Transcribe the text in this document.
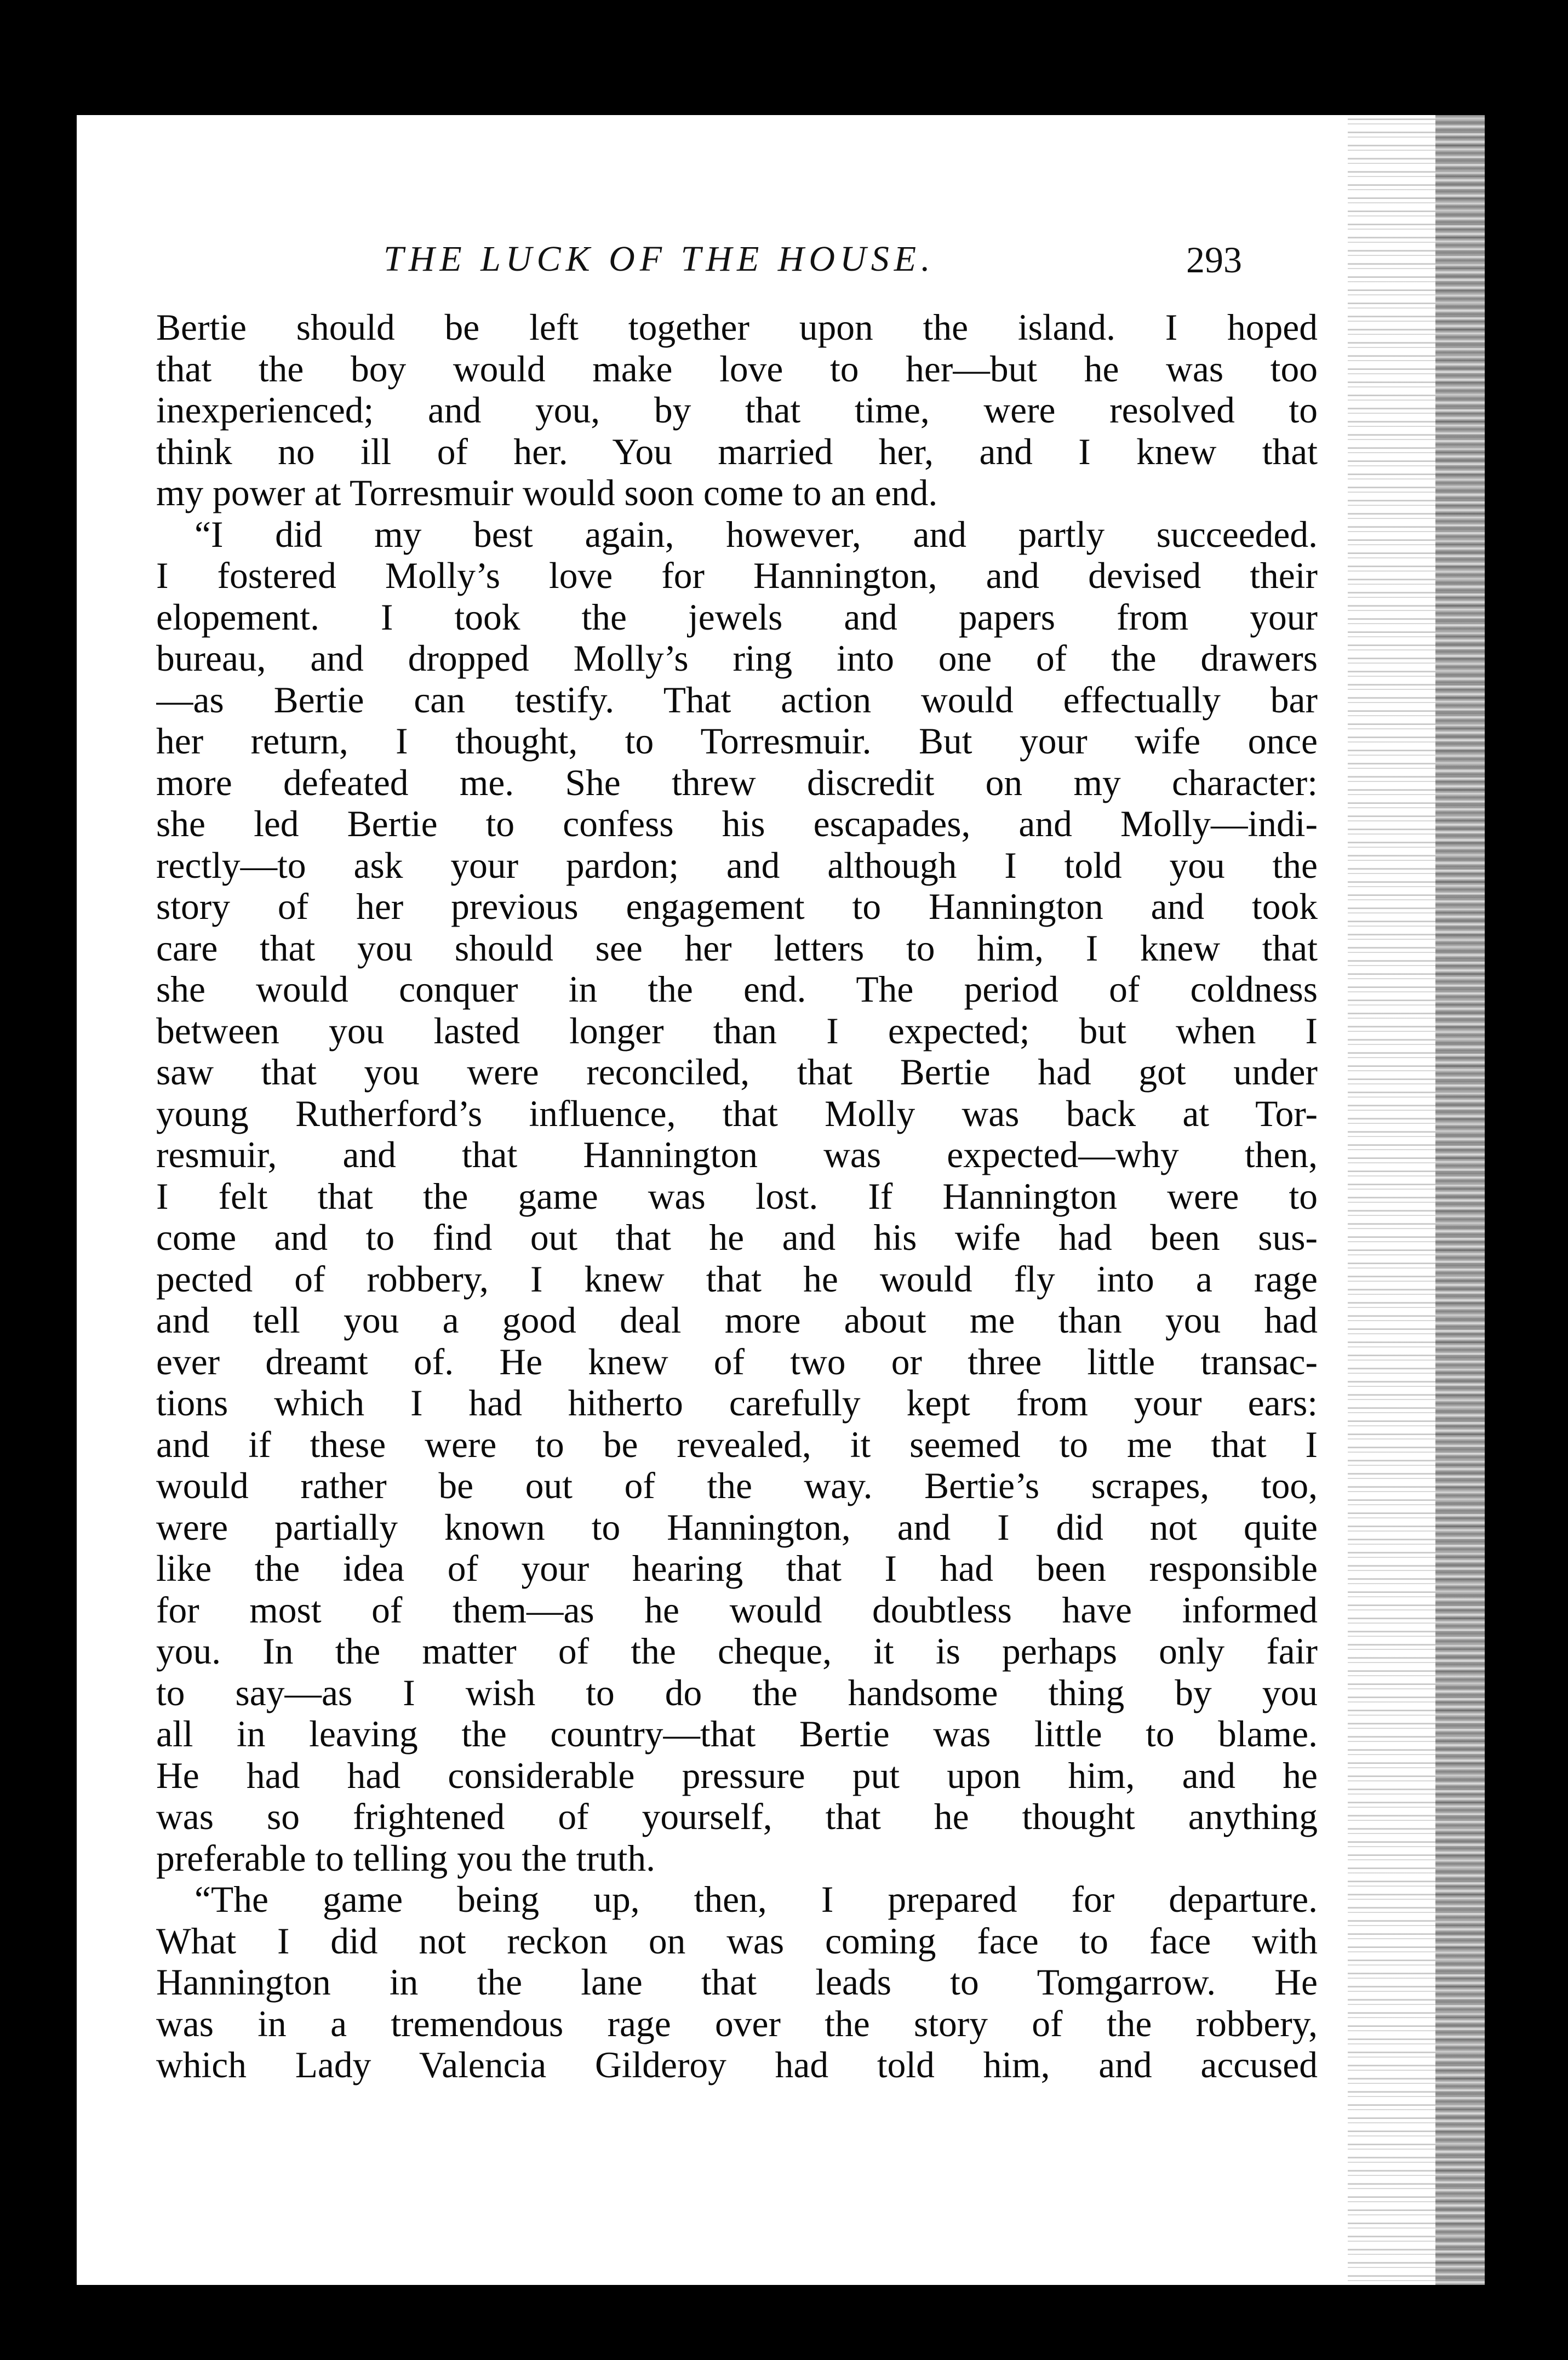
THE LUCK OF THE HOUSE.	293
Bertie should be left together upon the island. I hoped
that the boy would make love to her—but he was too
inexperienced; and you, by that time, were resolved to
think no ill of her. You married her, and I knew that
my power at Torresmuir would soon come to an end.
“I did my best again, however, and partly succeeded.
I fostered Molly’s love for Hannington, and devised their
elopement. I took the jewels and papers from your
bureau, and dropped Molly’s ring into one of the drawers
—as Bertie can testify. That action would effectually bar
her return, I thought, to Torresmuir. But your wife once
more defeated me. She threw discredit on my character:
she led Bertie to confess his escapades, and Molly—indi-
rectly—to ask your pardon; and although I told you the
story of her previous engagement to Hannington and took
care that you should see her letters to him, I knew that
she would conquer in the end. The period of coldness
between you lasted longer than I expected; but when I
saw that you were reconciled, that Bertie had got under
young Rutherford’s influence, that Molly was back at Tor-
resmuir, and that Hannington was expected—why then,
I felt that the game was lost. If Hannington were to
come and to find out that he and his wife had been sus-
pected of robbery, I knew that he would fly into a rage
and tell you a good deal more about me than you had
ever dreamt of. He knew of two or three little transac-
tions which I had hitherto carefully kept from your ears:
and if these were to be revealed, it seemed to me that I
would rather be out of the way. Bertie’s scrapes, too,
were partially known to Hannington, and I did not quite
like the idea of your hearing that I had been responsible
for most of them—as he would doubtless have informed
you. In the matter of the cheque, it is perhaps only fair
to say—as I wish to do the handsome thing by you
all in leaving the country—that Bertie was little to blame.
He had had considerable pressure put upon him, and he
was so frightened of yourself, that he thought anything
preferable to telling you the truth.
“The game being up, then, I prepared for departure.
What I did not reckon on was coming face to face with
Hannington in the lane that leads to Tomgarrow. He
was in a tremendous rage over the story of the robbery,
which Lady Valencia Gilderoy had told him, and accused
